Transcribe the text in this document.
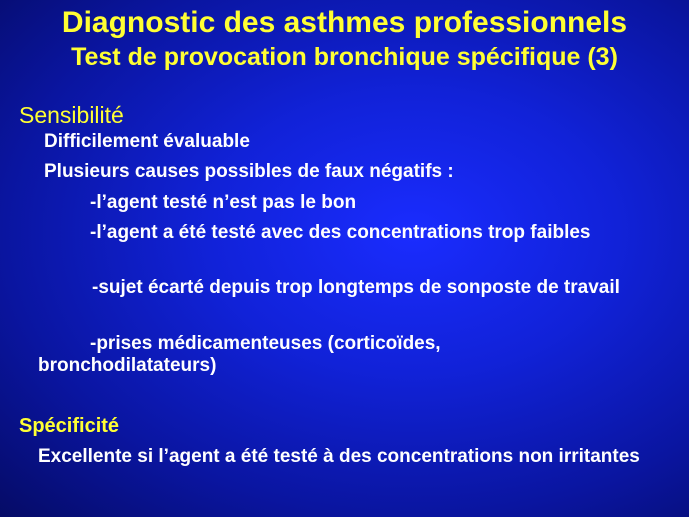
Diagnostic des asthmes professionnels
Test de provocation bronchique spécifique (3)
Sensibilité
Difficilement évaluable
Plusieurs causes possibles de faux négatifs :
-l’agent testé n’est pas le bon
-l’agent a été testé avec des concentrations trop faibles
-sujet écarté depuis trop longtemps de sonposte de travail
-prises médicamenteuses (corticoïdes, bronchodilatateurs)
Spécificité
Excellente si l’agent a été testé à des concentrations non irritantes
